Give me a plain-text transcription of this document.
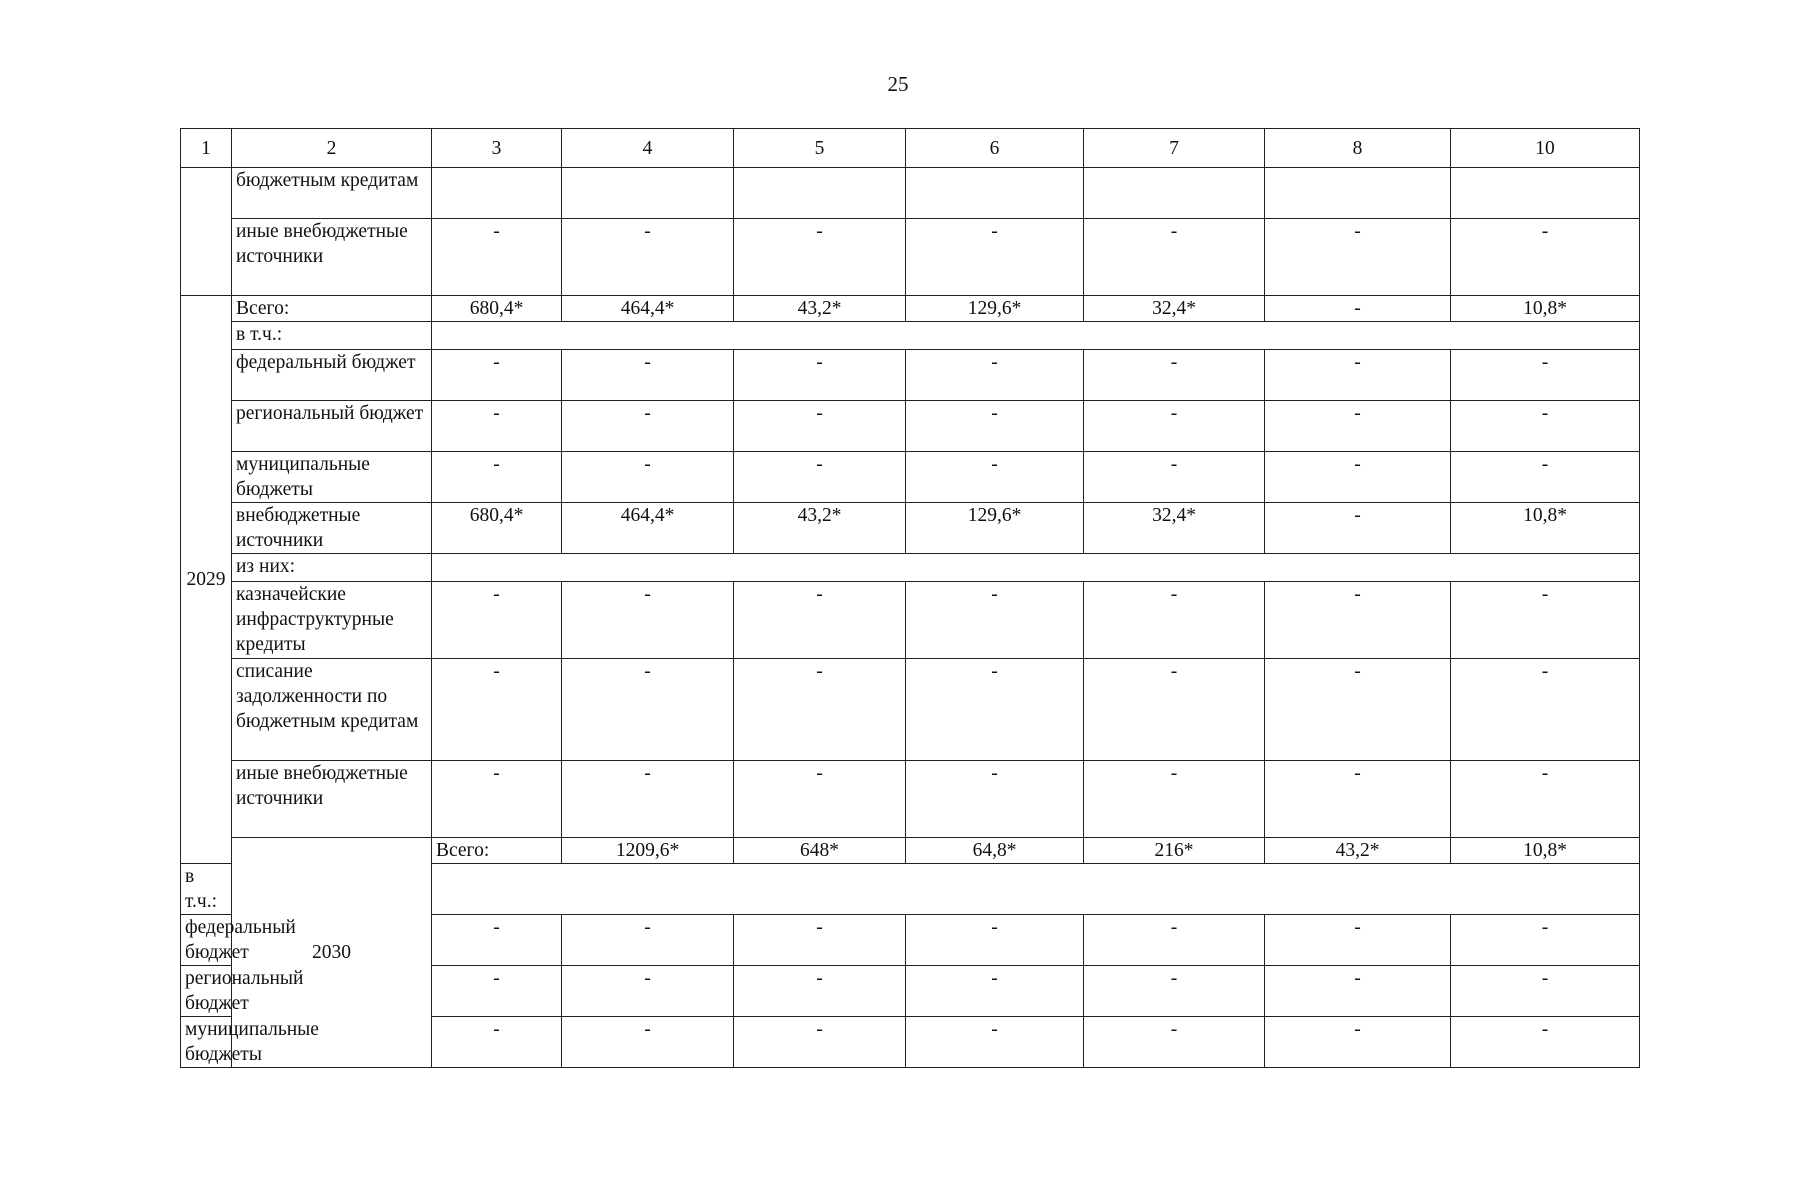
25
1	2	3	4	5	6	7	8	10	
	бюджетным кредитам								
	иные внебюджетные источники	-	-	-	-	-	-	-	
2029	Всего:	680,4*	464,4*	43,2*	129,6*	32,4*	-	10,8*	
	в т.ч.:								
	федеральный бюджет	-	-	-	-	-	-	-	
	региональный бюджет	-	-	-	-	-	-	-	
	муниципальные бюджеты	-	-	-	-	-	-	-	
	внебюджетные источники	680,4*	464,4*	43,2*	129,6*	32,4*	-	10,8*	
	из них:								
	казначейские инфраструктурные кредиты	-	-	-	-	-	-	-	
	списание задолженности по бюджетным кредитам	-	-	-	-	-	-	-	
	иные внебюджетные источники	-	-	-	-	-	-	-	
	2030	Всего:	1209,6*	648*	64,8*	216*	43,2*	10,8*	
в т.ч.:									
федеральный бюджет		-	-	-	-	-	-	-	
региональный бюджет		-	-	-	-	-	-	-	
муниципальные бюджеты		-	-	-	-	-	-	-	
